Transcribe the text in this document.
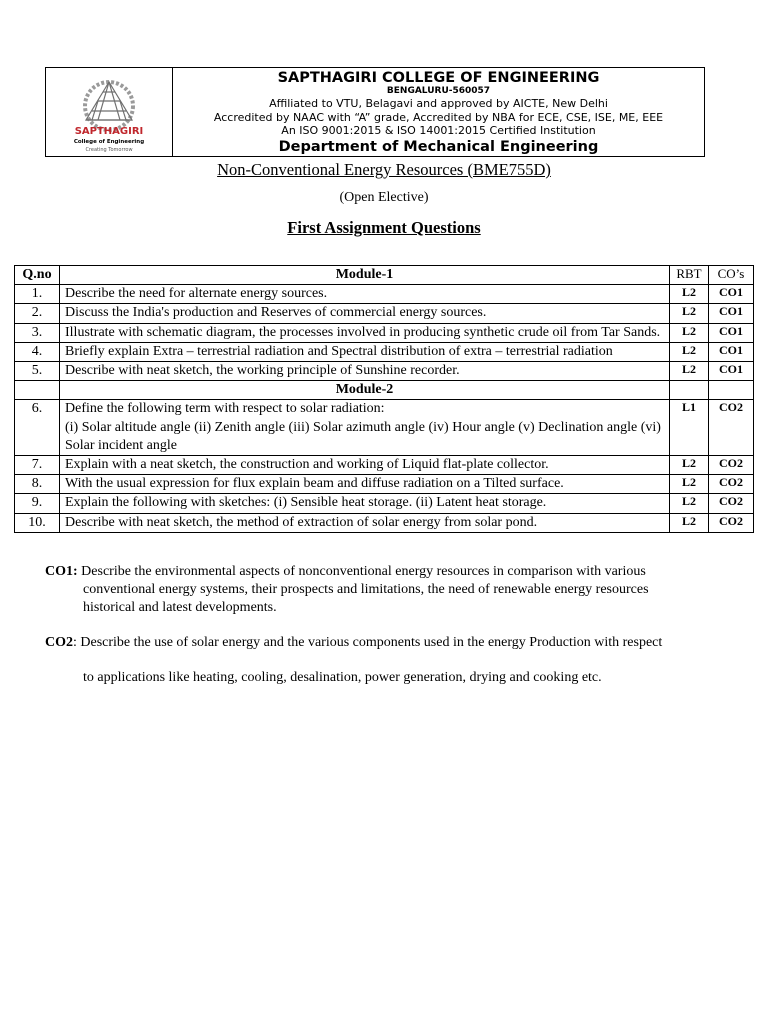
SAPTHAGIRI
College of Engineering
Creating Tomorrow
SAPTHAGIRI COLLEGE OF ENGINEERING
BENGALURU-560057
Affiliated to VTU, Belagavi and approved by AICTE, New Delhi
Accredited by NAAC with “A” grade, Accredited by NBA for ECE, CSE, ISE, ME, EEE
An ISO 9001:2015 & ISO 14001:2015 Certified Institution
Department of Mechanical Engineering
Non-Conventional Energy Resources (BME755D)
(Open Elective)
First Assignment Questions
Q.no	Module-1	RBT	CO’s
1.	Describe the need for alternate energy sources.	L2	CO1
2.	Discuss the India's production and Reserves of commercial energy sources.	L2	CO1
3.	Illustrate with schematic diagram, the processes involved in producing synthetic crude oil from Tar Sands.	L2	CO1
4.	Briefly explain Extra – terrestrial radiation and Spectral distribution of extra – terrestrial radiation	L2	CO1
5.	Describe with neat sketch, the working principle of Sunshine recorder.	L2	CO1
	Module-2		
6.	Define the following term with respect to solar radiation:
(i) Solar altitude angle (ii) Zenith angle (iii) Solar azimuth angle (iv) Hour angle (v) Declination angle (vi) Solar incident angle	L1	CO2
7.	Explain with a neat sketch, the construction and working of Liquid flat-plate collector.	L2	CO2
8.	With the usual expression for flux explain beam and diffuse radiation on a Tilted surface.	L2	CO2
9.	Explain the following with sketches: (i) Sensible heat storage. (ii) Latent heat storage.	L2	CO2
10.	Describe with neat sketch, the method of extraction of solar energy from solar pond.	L2	CO2
CO1: Describe the environmental aspects of nonconventional energy resources in comparison with various
conventional energy systems, their prospects and limitations, the need of renewable energy resources
historical and latest developments.
CO2: Describe the use of solar energy and the various components used in the energy Production with respect
to applications like heating, cooling, desalination, power generation, drying and cooking etc.
